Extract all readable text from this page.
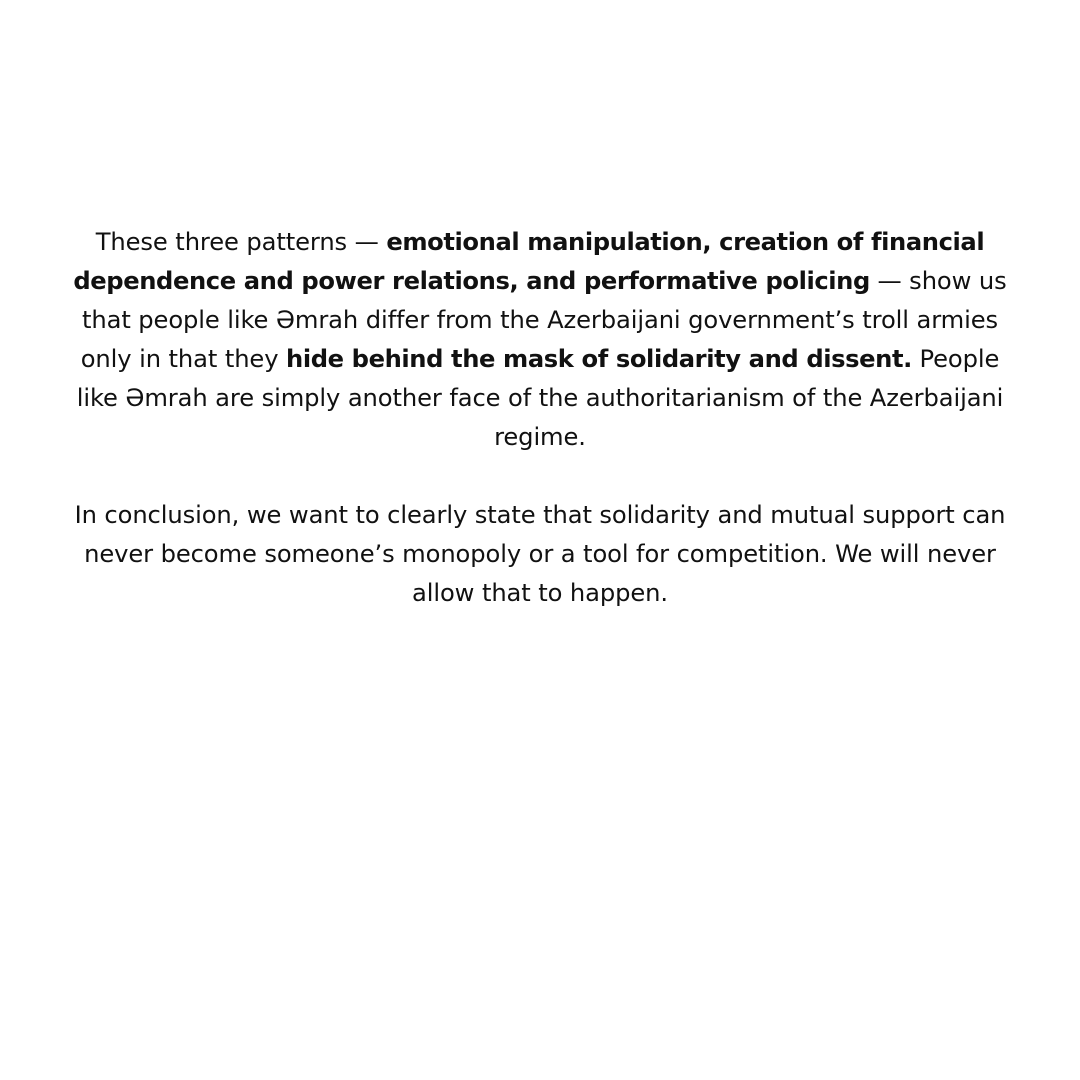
These three patterns — emotional manipulation, creation of financial dependence and power relations, and performative policing — show us that people like Əmrah differ from the Azerbaijani government’s troll armies only in that they hide behind the mask of solidarity and dissent. People like Əmrah are simply another face of the authoritarianism of the Azerbaijani regime.

In conclusion, we want to clearly state that solidarity and mutual support can never become someone’s monopoly or a tool for competition. We will never allow that to happen.
